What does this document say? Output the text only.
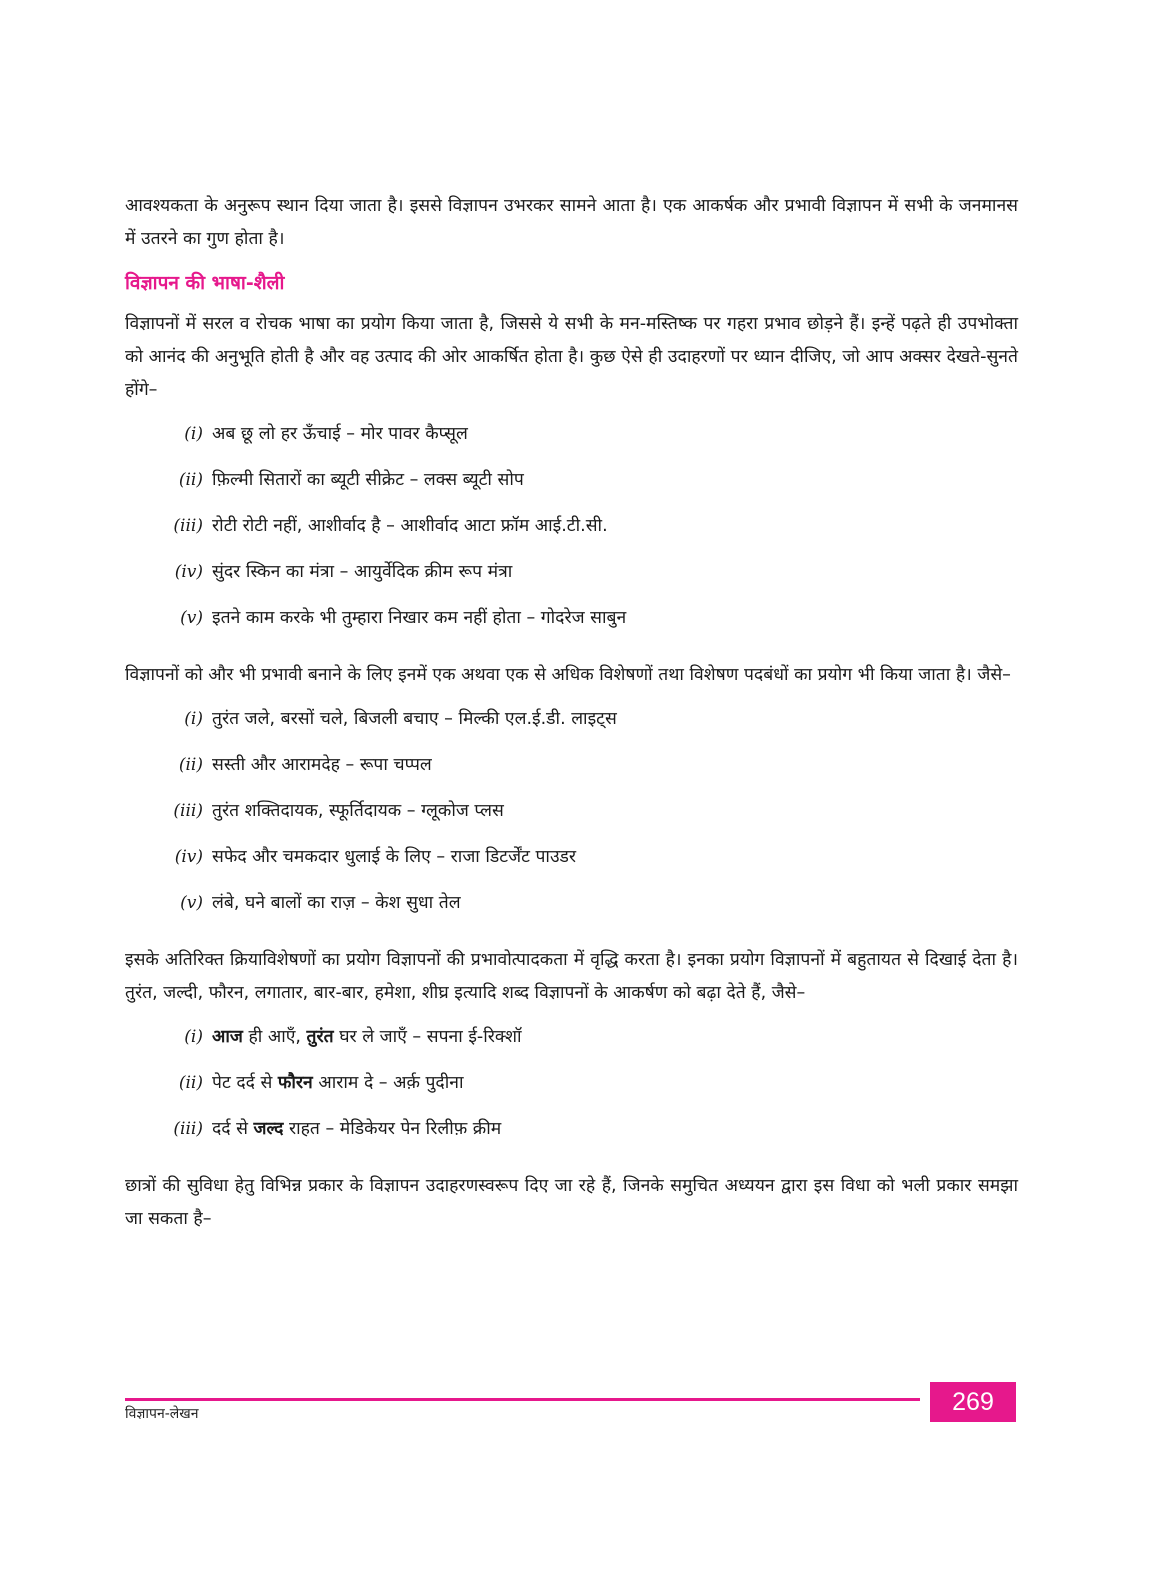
आवश्यकता के अनुरूप स्थान दिया जाता है। इससे विज्ञापन उभरकर सामने आता है। एक आकर्षक और प्रभावी विज्ञापन में सभी के जनमानस में उतरने का गुण होता है।

विज्ञापन की भाषा-शैली

विज्ञापनों में सरल व रोचक भाषा का प्रयोग किया जाता है, जिससे ये सभी के मन-मस्तिष्क पर गहरा प्रभाव छोड़ने हैं। इन्हें पढ़ते ही उपभोक्ता को आनंद की अनुभूति होती है और वह उत्पाद की ओर आकर्षित होता है। कुछ ऐसे ही उदाहरणों पर ध्यान दीजिए, जो आप अक्सर देखते-सुनते होंगे–

(i) अब छू लो हर ऊँचाई – मोर पावर कैप्सूल
(ii) फ़िल्मी सितारों का ब्यूटी सीक्रेट – लक्स ब्यूटी सोप
(iii) रोटी रोटी नहीं, आशीर्वाद है – आशीर्वाद आटा फ्रॉम आई.टी.सी.
(iv) सुंदर स्किन का मंत्रा – आयुर्वेदिक क्रीम रूप मंत्रा
(v) इतने काम करके भी तुम्हारा निखार कम नहीं होता – गोदरेज साबुन

विज्ञापनों को और भी प्रभावी बनाने के लिए इनमें एक अथवा एक से अधिक विशेषणों तथा विशेषण पदबंधों का प्रयोग भी किया जाता है। जैसे–

(i) तुरंत जले, बरसों चले, बिजली बचाए – मिल्की एल.ई.डी. लाइट्स
(ii) सस्ती और आरामदेह – रूपा चप्पल
(iii) तुरंत शक्तिदायक, स्फूर्तिदायक – ग्लूकोज प्लस
(iv) सफेद और चमकदार धुलाई के लिए – राजा डिटर्जेंट पाउडर
(v) लंबे, घने बालों का राज़ – केश सुधा तेल

इसके अतिरिक्त क्रियाविशेषणों का प्रयोग विज्ञापनों की प्रभावोत्पादकता में वृद्धि करता है। इनका प्रयोग विज्ञापनों में बहुतायत से दिखाई देता है। तुरंत, जल्दी, फौरन, लगातार, बार-बार, हमेशा, शीघ्र इत्यादि शब्द विज्ञापनों के आकर्षण को बढ़ा देते हैं, जैसे–

(i) आज ही आएँ, तुरंत घर ले जाएँ – सपना ई-रिक्शॉ
(ii) पेट दर्द से फौरन आराम दे – अर्क़ पुदीना
(iii) दर्द से जल्द राहत – मेडिकेयर पेन रिलीफ़ क्रीम

छात्रों की सुविधा हेतु विभिन्न प्रकार के विज्ञापन उदाहरणस्वरूप दिए जा रहे हैं, जिनके समुचित अध्ययन द्वारा इस विधा को भली प्रकार समझा जा सकता है–

विज्ञापन-लेखन	269
